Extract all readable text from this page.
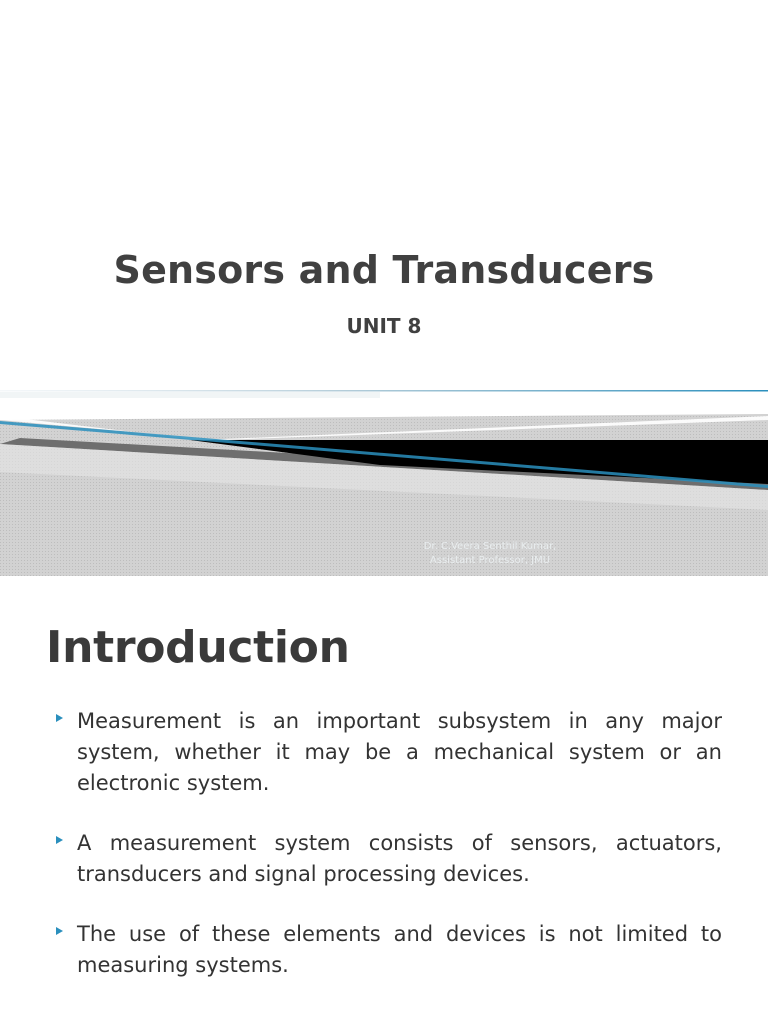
Sensors and Transducers
UNIT 8
Dr. C.Veera Senthil Kumar,
Assistant Professor, JMU
Introduction
Measurement is an important subsystem in any major system, whether it may be a mechanical system or an electronic system.
A measurement system consists of sensors, actuators, transducers and signal processing devices.
The use of these elements and devices is not limited to measuring systems.
